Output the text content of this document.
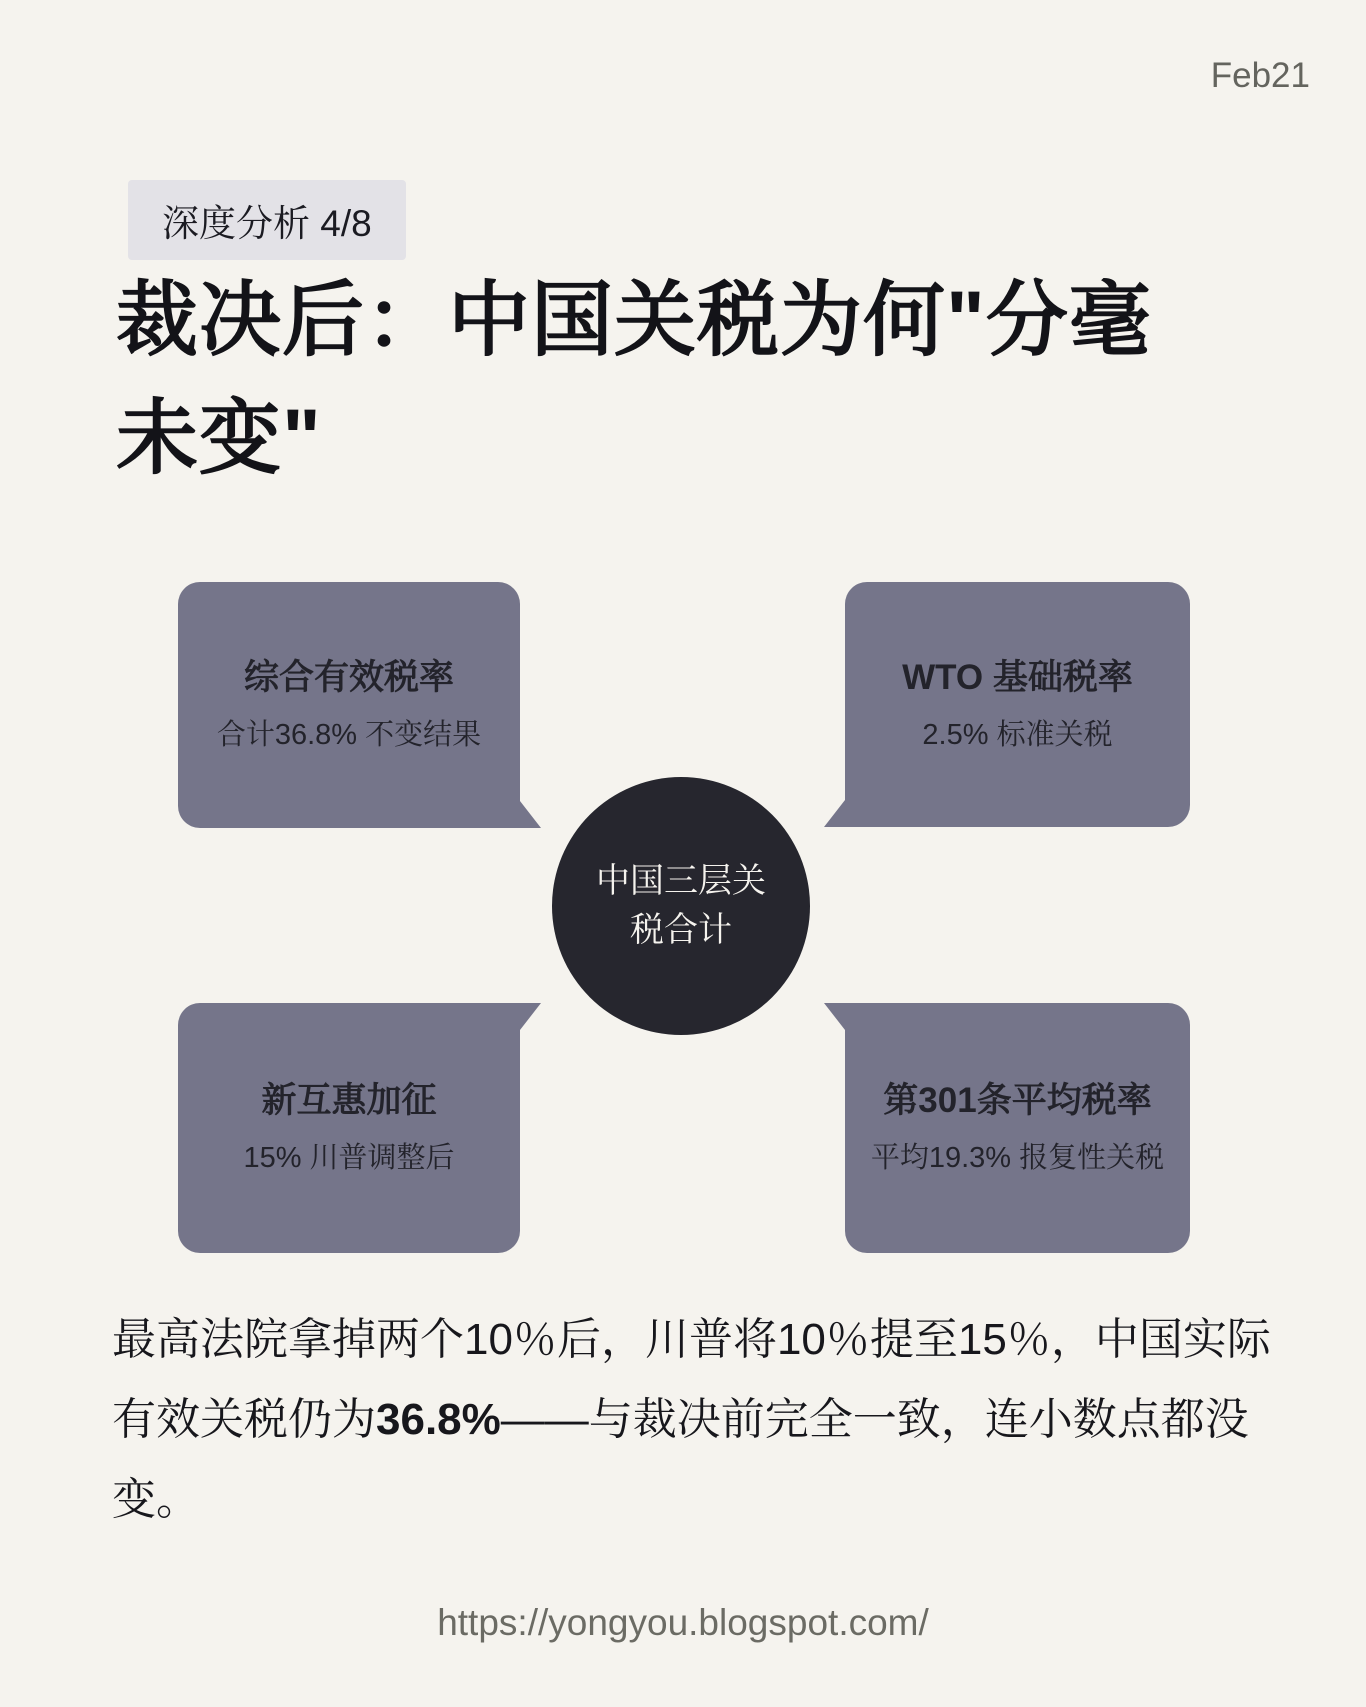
Feb21
深度分析 4/8
裁决后：中国关税为何"分毫
未变"
综合有效税率
合计36.8% 不变结果
WTO 基础税率
2.5% 标准关税
新互惠加征
15% 川普调整后
第301条平均税率
平均19.3% 报复性关税
中国三层关
税合计
最高法院拿掉两个10％后，川普将10％提至15％，中国实际有效关税仍为36.8%——与裁决前完全一致，连小数点都没变。
https://yongyou.blogspot.com/
